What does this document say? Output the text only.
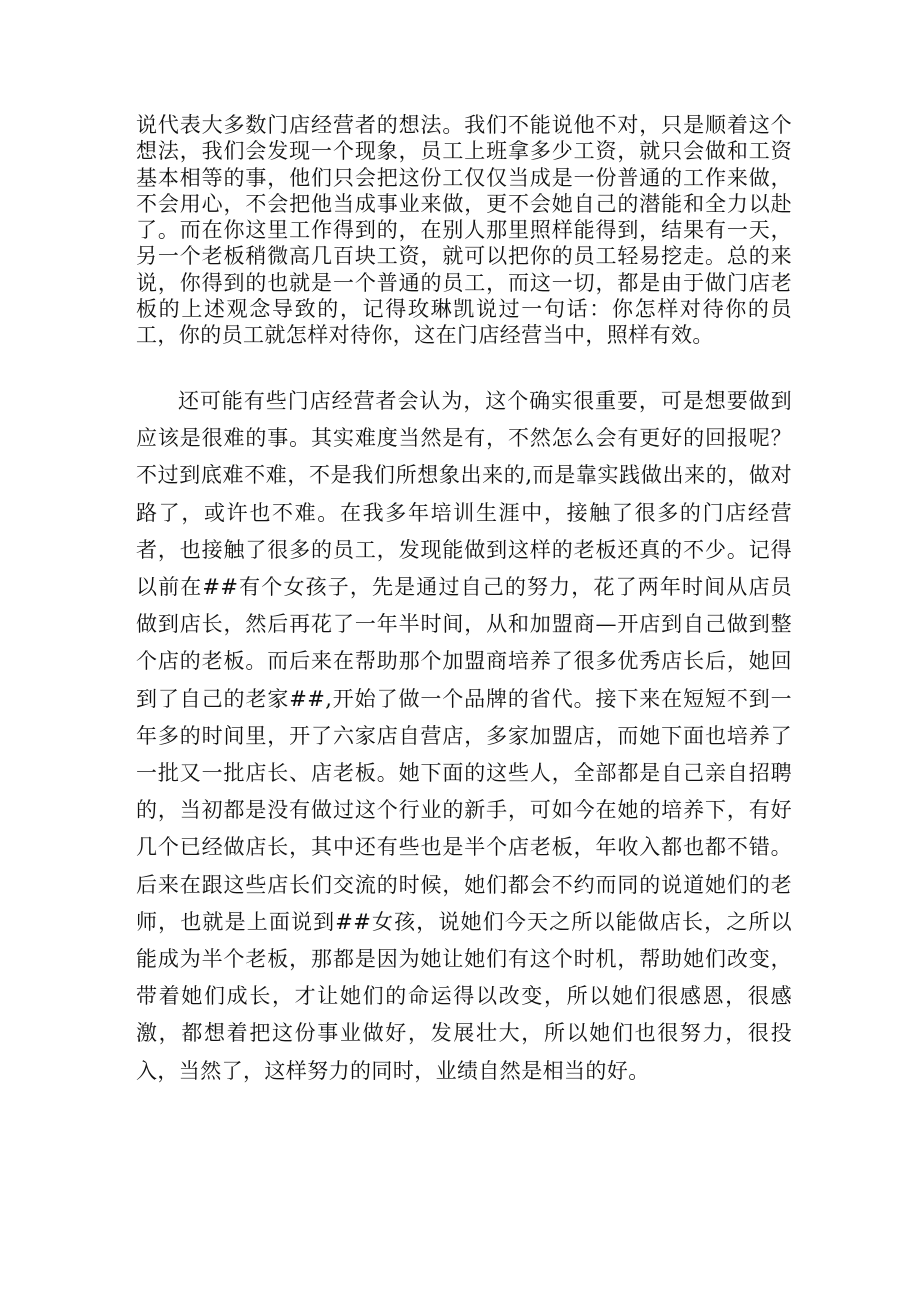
说代表大多数门店经营者的想法。我们不能说他不对，只是顺着这个想法，我们会发现一个现象，员工上班拿多少工资，就只会做和工资基本相等的事，他们只会把这份工仅仅当成是一份普通的工作来做，不会用心，不会把他当成事业来做，更不会她自己的潜能和全力以赴了。而在你这里工作得到的，在别人那里照样能得到，结果有一天，另一个老板稍微高几百块工资，就可以把你的员工轻易挖走。总的来说，你得到的也就是一个普通的员工，而这一切，都是由于做门店老板的上述观念导致的，记得玫琳凯说过一句话：你怎样对待你的员工，你的员工就怎样对待你，这在门店经营当中，照样有效。

还可能有些门店经营者会认为，这个确实很重要，可是想要做到应该是很难的事。其实难度当然是有，不然怎么会有更好的回报呢？不过到底难不难，不是我们所想象出来的,而是靠实践做出来的，做对路了，或许也不难。在我多年培训生涯中，接触了很多的门店经营者，也接触了很多的员工，发现能做到这样的老板还真的不少。记得以前在##有个女孩子，先是通过自己的努力，花了两年时间从店员做到店长，然后再花了一年半时间，从和加盟商—开店到自己做到整个店的老板。而后来在帮助那个加盟商培养了很多优秀店长后，她回到了自己的老家##,开始了做一个品牌的省代。接下来在短短不到一年多的时间里，开了六家店自营店，多家加盟店，而她下面也培养了一批又一批店长、店老板。她下面的这些人，全部都是自己亲自招聘的，当初都是没有做过这个行业的新手，可如今在她的培养下，有好几个已经做店长，其中还有些也是半个店老板，年收入都也都不错。后来在跟这些店长们交流的时候，她们都会不约而同的说道她们的老师，也就是上面说到##女孩，说她们今天之所以能做店长，之所以能成为半个老板，那都是因为她让她们有这个时机，帮助她们改变，带着她们成长，才让她们的命运得以改变，所以她们很感恩，很感激，都想着把这份事业做好，发展壮大，所以她们也很努力，很投入，当然了，这样努力的同时，业绩自然是相当的好。
